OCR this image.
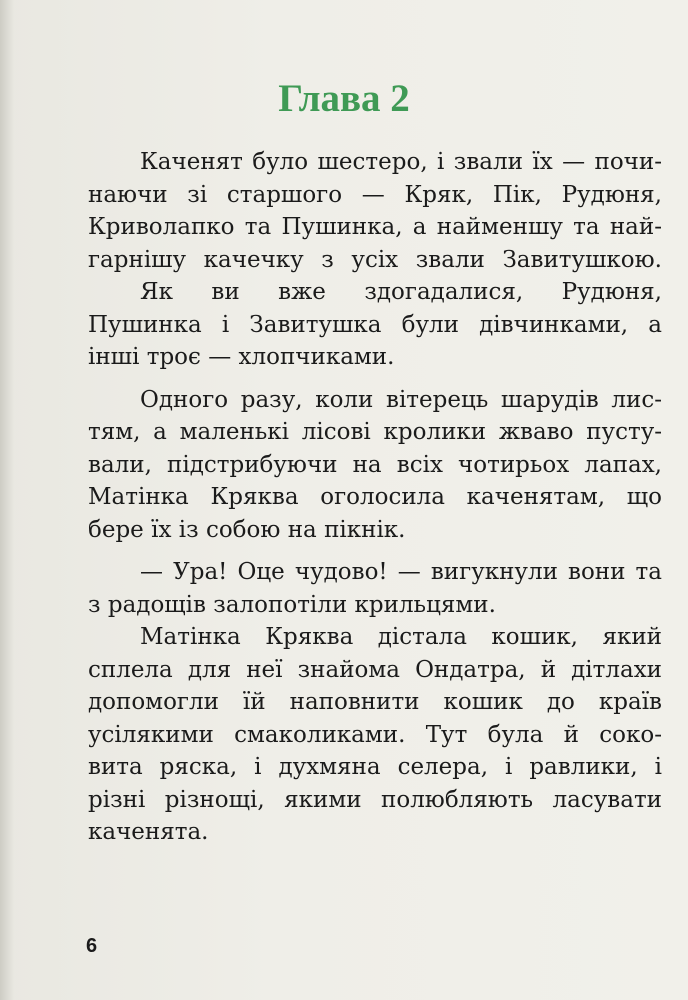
Глава 2
Каченят було шестеро, і звали їх — почи-
наючи зі старшого — Кряк, Пік, Рудюня,
Криволапко та Пушинка, а найменшу та най-
гарнішу качечку з усіх звали Завитушкою.
Як ви вже здогадалися, Рудюня,
Пушинка і Завитушка були дівчинками, а
інші троє — хлопчиками.
Одного разу, коли вітерець шарудів лис-
тям, а маленькі лісові кролики жваво пусту-
вали, підстрибуючи на всіх чотирьох лапах,
Матінка Кряква оголосила каченятам, що
бере їх із собою на пікнік.
— Ура! Оце чудово! — вигукнули вони та
з радощів залопотіли крильцями.
Матінка Кряква дістала кошик, який
сплела для неї знайома Ондатра, й дітлахи
допомогли їй наповнити кошик до країв
усілякими смаколиками. Тут була й соко-
вита ряска, і духмяна селера, і равлики, і
різні різнощі, якими полюбляють ласувати
каченята.
6
